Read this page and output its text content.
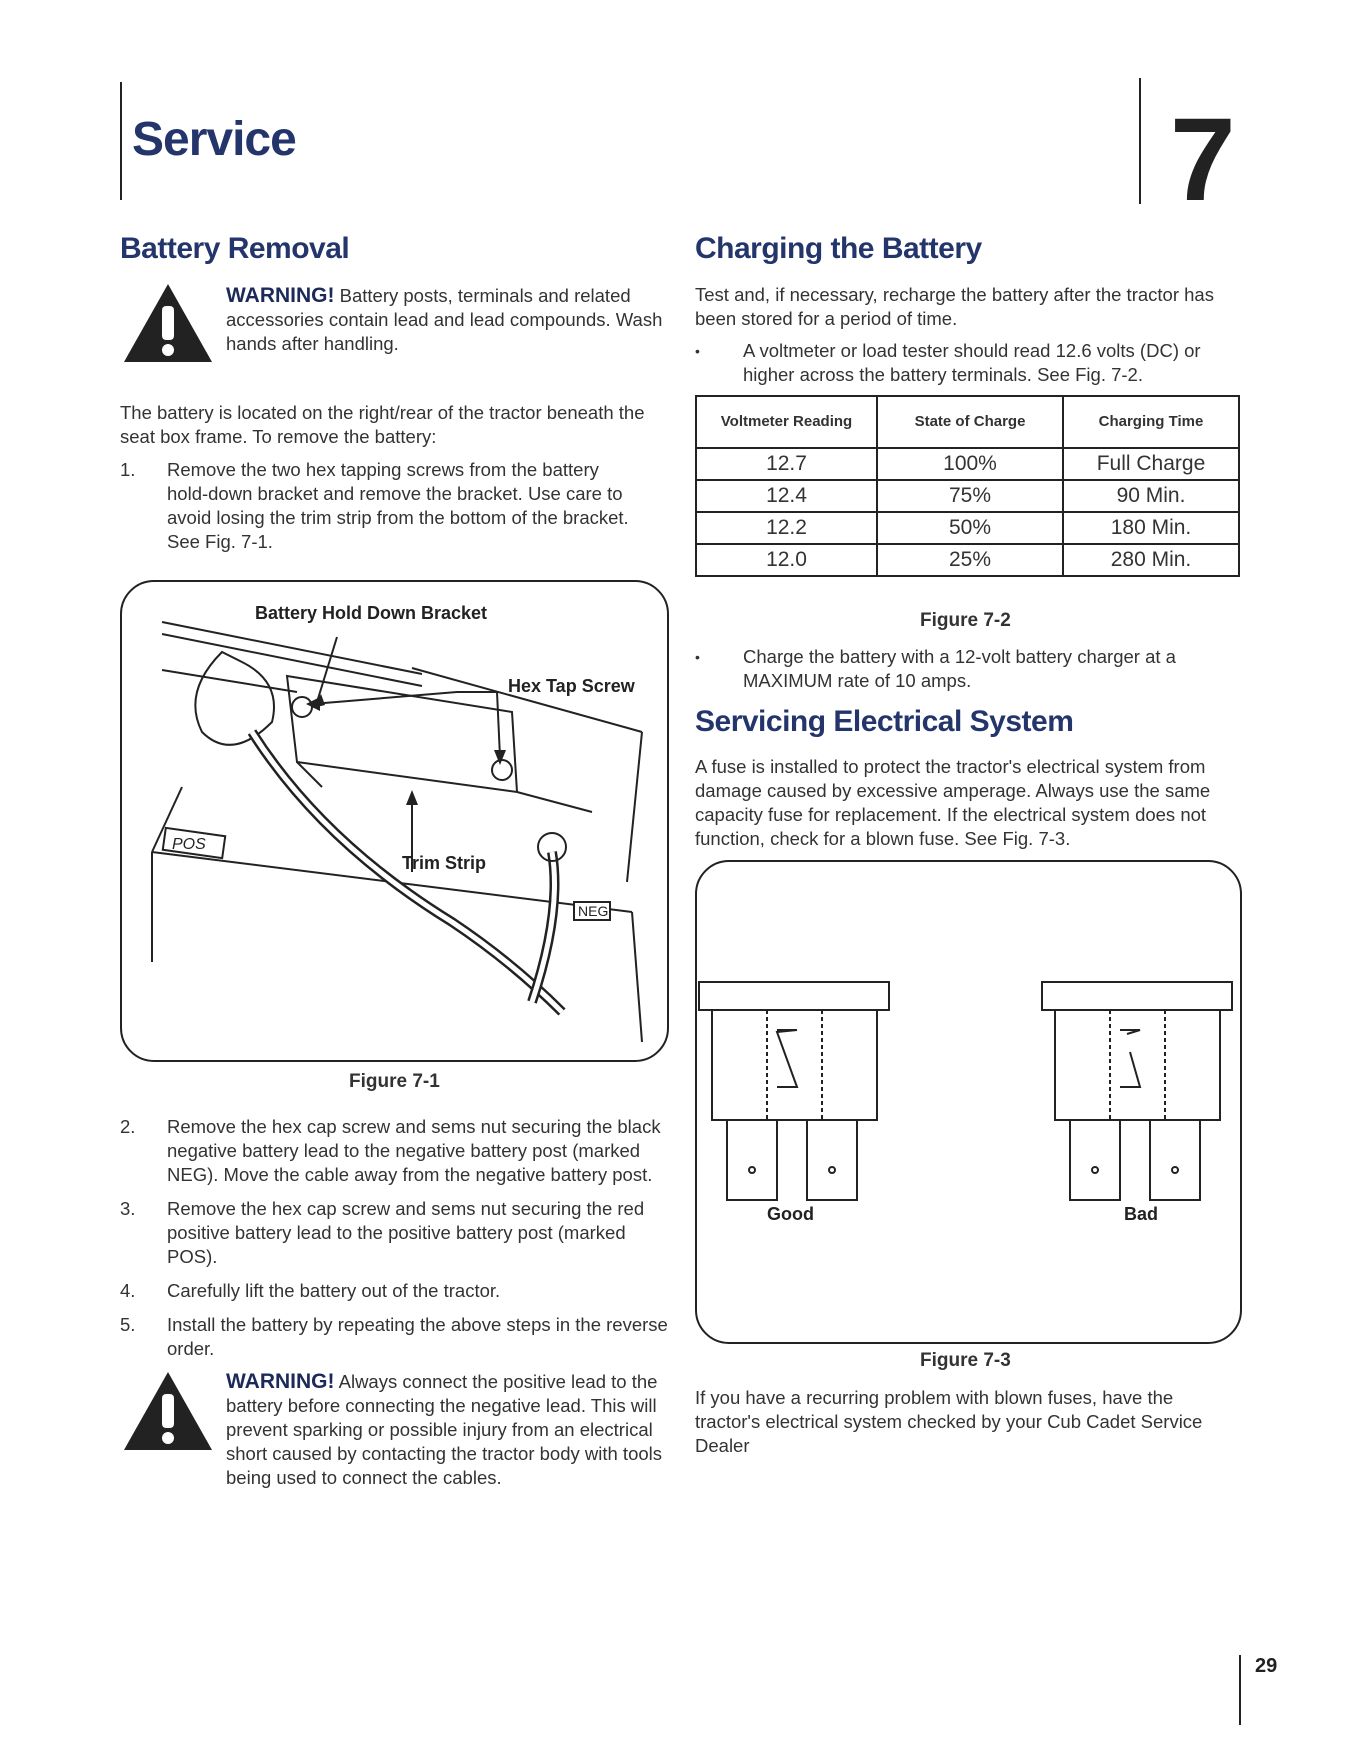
Service	7
Battery Removal
WARNING! Battery posts, terminals and related accessories contain lead and lead compounds. Wash hands after handling.
The battery is located on the right/rear of the tractor beneath the seat box frame. To remove the battery:
1. Remove the two hex tapping screws from the battery hold-down bracket and remove the bracket. Use care to avoid losing the trim strip from the bottom of the bracket. See Fig. 7-1.
POS
NEG
Battery Hold Down Bracket
Hex Tap Screw
Trim Strip
Figure 7-1
2. Remove the hex cap screw and sems nut securing the black negative battery lead to the negative battery post (marked NEG). Move the cable away from the negative battery post.
3. Remove the hex cap screw and sems nut securing the red positive battery lead to the positive battery post (marked POS).
4. Carefully lift the battery out of the tractor.
5. Install the battery by repeating the above steps in the reverse order.
WARNING! Always connect the positive lead to the battery before connecting the negative lead. This will prevent sparking or possible injury from an electrical short caused by contacting the tractor body with tools being used to connect the cables.
Charging the Battery
Test and, if necessary, recharge the battery after the tractor has been stored for a period of time.
• A voltmeter or load tester should read 12.6 volts (DC) or higher across the battery terminals. See Fig. 7-2.
Voltmeter Reading	State of Charge	Charging Time
12.7	100%	Full Charge
12.4	75%	90 Min.
12.2	50%	180 Min.
12.0	25%	280 Min.
Figure 7-2
• Charge the battery with a 12-volt battery charger at a MAXIMUM rate of 10 amps.
Servicing Electrical System
A fuse is installed to protect the tractor's electrical system from damage caused by excessive amperage. Always use the same capacity fuse for replacement. If the electrical system does not function, check for a blown fuse. See Fig. 7-3.
Good	Bad
Figure 7-3
If you have a recurring problem with blown fuses, have the tractor's electrical system checked by your Cub Cadet Service Dealer
29
